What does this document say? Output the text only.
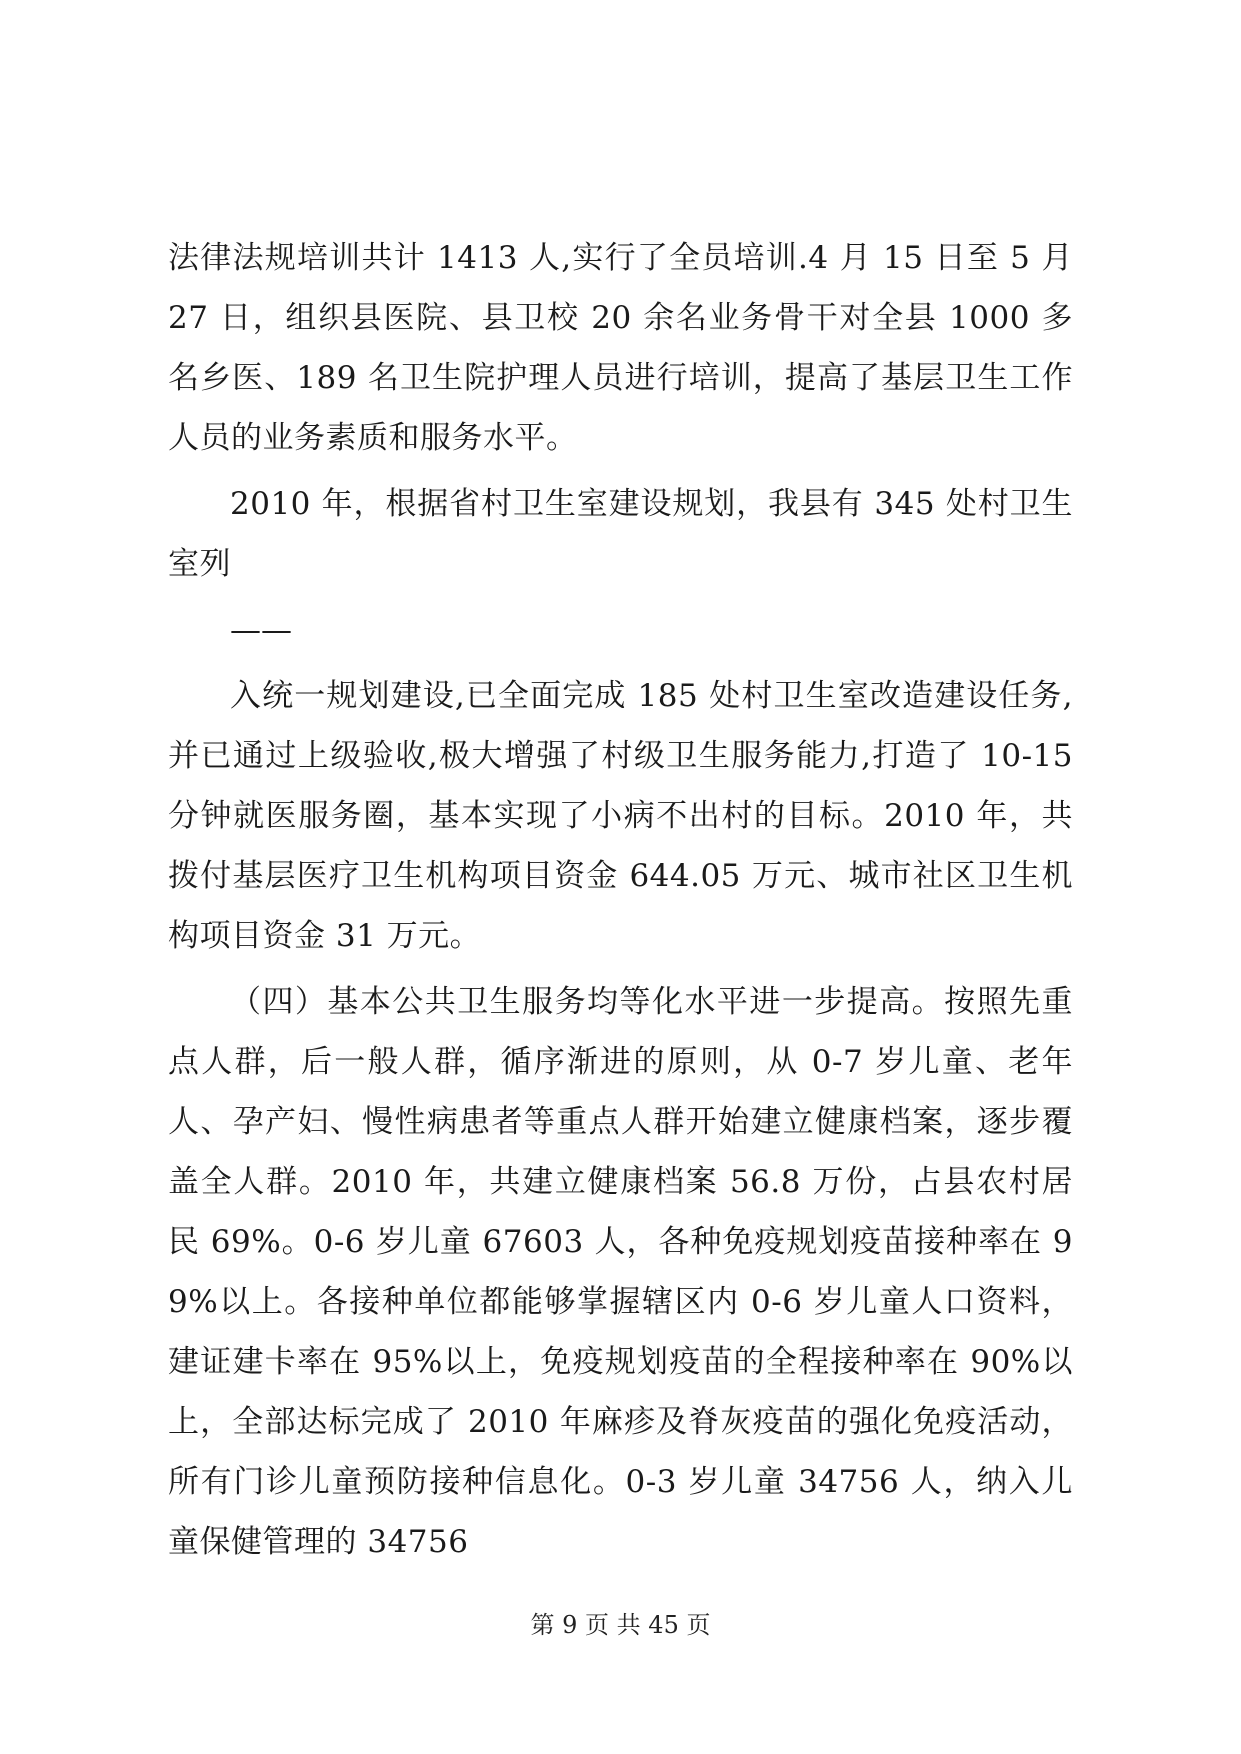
法律法规培训共计 1413 人,实行了全员培训.4 月 15 日至 5 月 27 日，组织县医院、县卫校 20 余名业务骨干对全县 1000 多名乡医、189 名卫生院护理人员进行培训，提高了基层卫生工作人员的业务素质和服务水平。

2010 年，根据省村卫生室建设规划，我县有 345 处村卫生室列

——

入统一规划建设,已全面完成 185 处村卫生室改造建设任务,并已通过上级验收,极大增强了村级卫生服务能力,打造了 10-15 分钟就医服务圈，基本实现了小病不出村的目标。2010 年，共拨付基层医疗卫生机构项目资金 644.05 万元、城市社区卫生机构项目资金 31 万元。

（四）基本公共卫生服务均等化水平进一步提高。按照先重点人群，后一般人群，循序渐进的原则，从 0-7 岁儿童、老年人、孕产妇、慢性病患者等重点人群开始建立健康档案，逐步覆盖全人群。2010 年，共建立健康档案 56.8 万份，占县农村居民 69%。0-6 岁儿童 67603 人，各种免疫规划疫苗接种率在 99%以上。各接种单位都能够掌握辖区内 0-6 岁儿童人口资料，建证建卡率在 95%以上，免疫规划疫苗的全程接种率在 90%以上，全部达标完成了 2010 年麻疹及脊灰疫苗的强化免疫活动，所有门诊儿童预防接种信息化。0-3 岁儿童 34756 人，纳入儿童保健管理的 34756

第 9 页 共 45 页
